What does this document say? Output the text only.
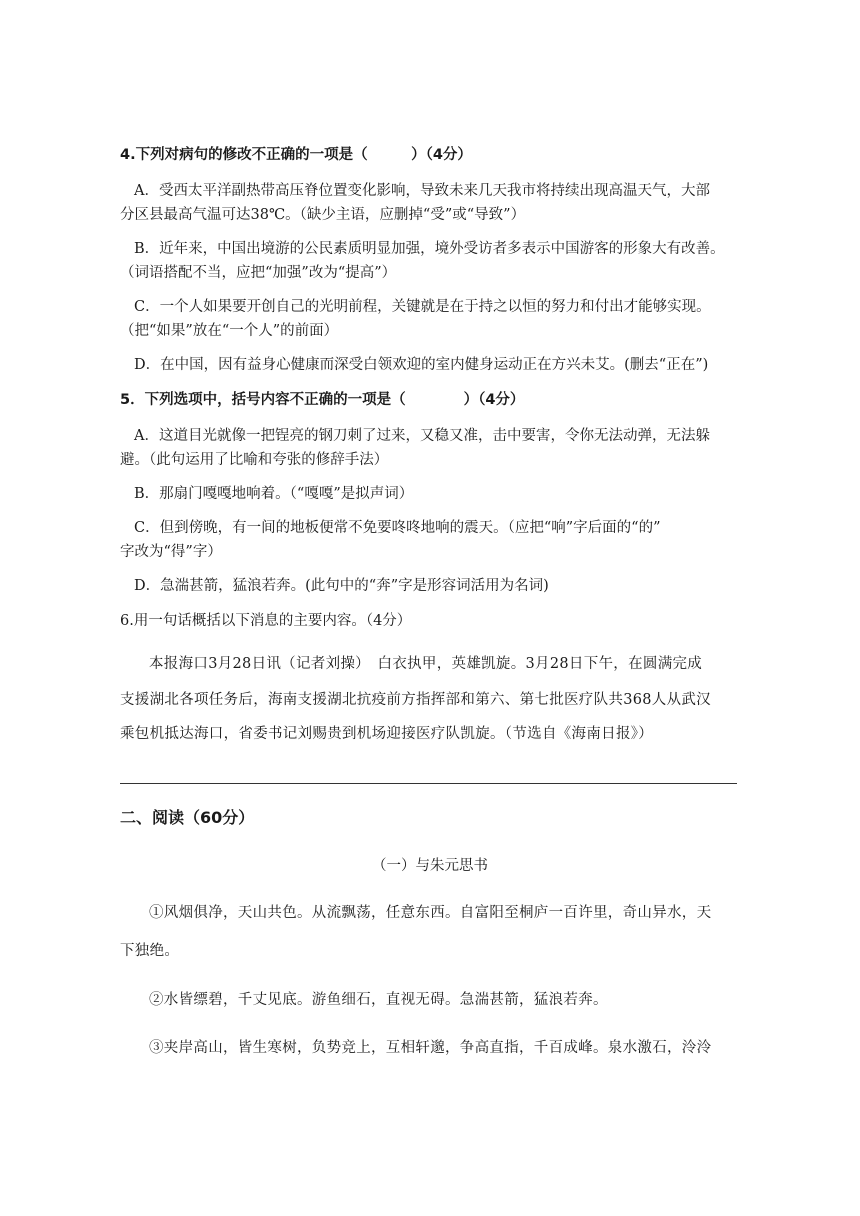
4.下列对病句的修改不正确的一项是（　　　）（4分）
A．受西太平洋副热带高压脊位置变化影响，导致未来几天我市将持续出现高温天气，大部
分区县最高气温可达38℃。（缺少主语，应删掉“受”或“导致”）
B．近年来，中国出境游的公民素质明显加强，境外受访者多表示中国游客的形象大有改善。
（词语搭配不当，应把“加强”改为“提高”）
C．一个人如果要开创自己的光明前程，关键就是在于持之以恒的努力和付出才能够实现。
（把“如果”放在“一个人”的前面）
D．在中国，因有益身心健康而深受白领欢迎的室内健身运动正在方兴未艾。(删去“正在”)
5．下列选项中，括号内容不正确的一项是（　　　　）（4分）
A．这道目光就像一把锃亮的钢刀刺了过来，又稳又准，击中要害，令你无法动弹，无法躲
避。（此句运用了比喻和夸张的修辞手法）
B．那扇门嘎嘎地响着。（“嘎嘎”是拟声词）
C．但到傍晚，有一间的地板便常不免要咚咚地响的震天。（应把“响”字后面的“的”
字改为“得”字）
D．急湍甚箭，猛浪若奔。(此句中的“奔”字是形容词活用为名词)
6.用一句话概括以下消息的主要内容。（4分）
本报海口3月28日讯（记者刘操）　白衣执甲，英雄凯旋。3月28日下午，在圆满完成
支援湖北各项任务后，海南支援湖北抗疫前方指挥部和第六、第七批医疗队共368人从武汉
乘包机抵达海口，省委书记刘赐贵到机场迎接医疗队凯旋。（节选自《海南日报》）
二、阅读（60分）
（一）与朱元思书
①风烟俱净，天山共色。从流飘荡，任意东西。自富阳至桐庐一百许里，奇山异水，天
下独绝。
②水皆缥碧，千丈见底。游鱼细石，直视无碍。急湍甚箭，猛浪若奔。
③夹岸高山，皆生寒树，负势竞上，互相轩邈，争高直指，千百成峰。泉水激石，泠泠
